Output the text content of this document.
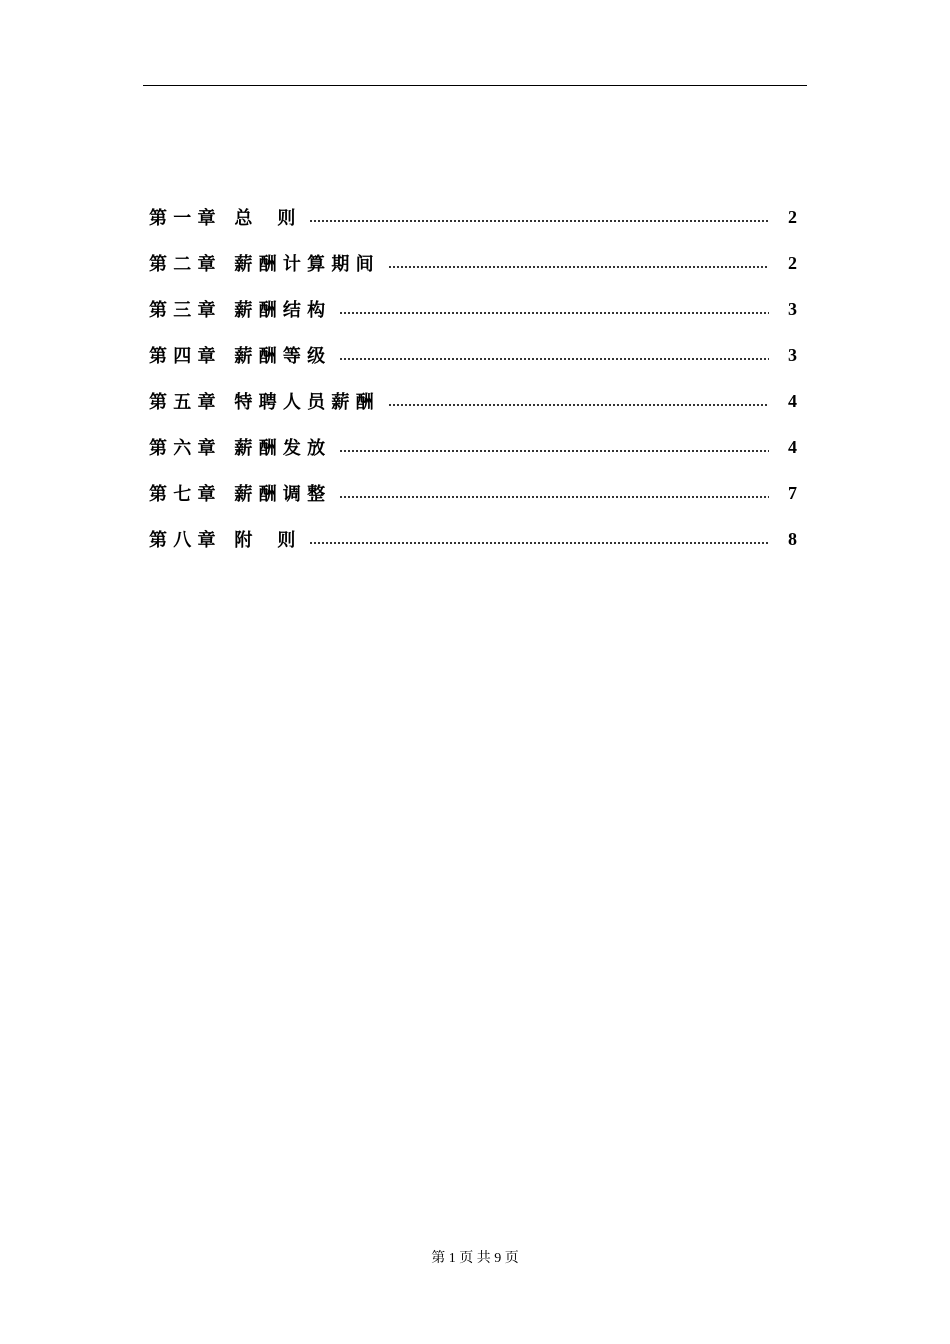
第 一 章   总    则	2
第 二 章   薪 酬 计 算 期 间	2
第 三 章   薪 酬 结 构	3
第 四 章   薪 酬 等 级	3
第 五 章   特 聘 人 员 薪 酬	4
第 六 章   薪 酬 发 放	4
第 七 章   薪 酬 调 整	7
第 八 章   附    则	8
第 1 页 共 9 页
